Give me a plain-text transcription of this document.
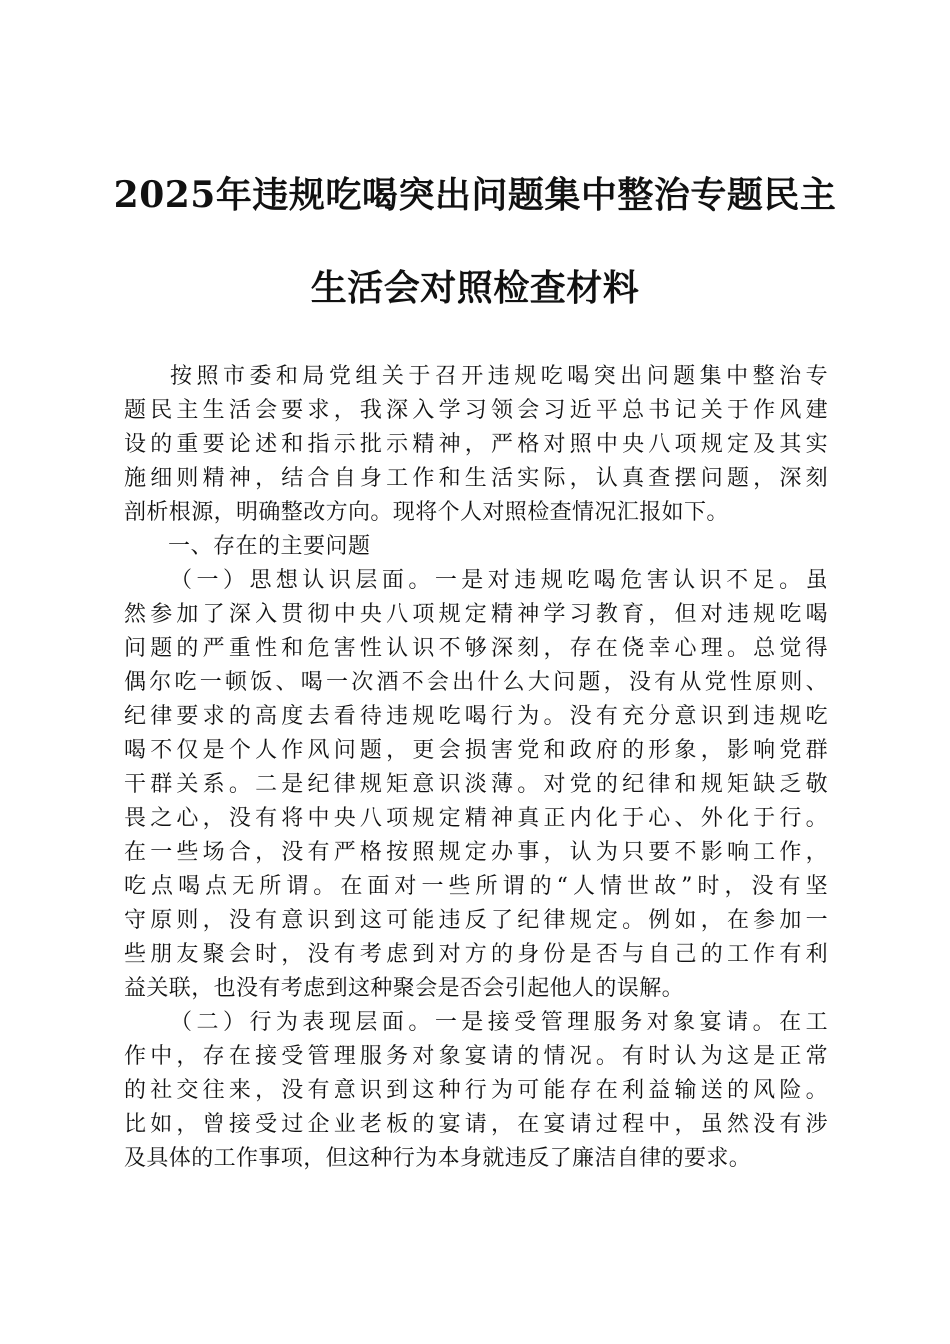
2025年违规吃喝突出问题集中整治专题民主
生活会对照检查材料
按照市委和局党组关于召开违规吃喝突出问题集中整治专
题民主生活会要求，我深入学习领会习近平总书记关于作风建
设的重要论述和指示批示精神，严格对照中央八项规定及其实
施细则精神，结合自身工作和生活实际，认真查摆问题，深刻
剖析根源，明确整改方向。现将个人对照检查情况汇报如下。
一、存在的主要问题
（一）思想认识层面。一是对违规吃喝危害认识不足。虽
然参加了深入贯彻中央八项规定精神学习教育，但对违规吃喝
问题的严重性和危害性认识不够深刻，存在侥幸心理。总觉得
偶尔吃一顿饭、喝一次酒不会出什么大问题，没有从党性原则、
纪律要求的高度去看待违规吃喝行为。没有充分意识到违规吃
喝不仅是个人作风问题，更会损害党和政府的形象，影响党群
干群关系。二是纪律规矩意识淡薄。对党的纪律和规矩缺乏敬
畏之心，没有将中央八项规定精神真正内化于心、外化于行。
在一些场合，没有严格按照规定办事，认为只要不影响工作，
吃点喝点无所谓。在面对一些所谓的“人情世故”时，没有坚
守原则，没有意识到这可能违反了纪律规定。例如，在参加一
些朋友聚会时，没有考虑到对方的身份是否与自己的工作有利
益关联，也没有考虑到这种聚会是否会引起他人的误解。
（二）行为表现层面。一是接受管理服务对象宴请。在工
作中，存在接受管理服务对象宴请的情况。有时认为这是正常
的社交往来，没有意识到这种行为可能存在利益输送的风险。
比如，曾接受过企业老板的宴请，在宴请过程中，虽然没有涉
及具体的工作事项，但这种行为本身就违反了廉洁自律的要求。
